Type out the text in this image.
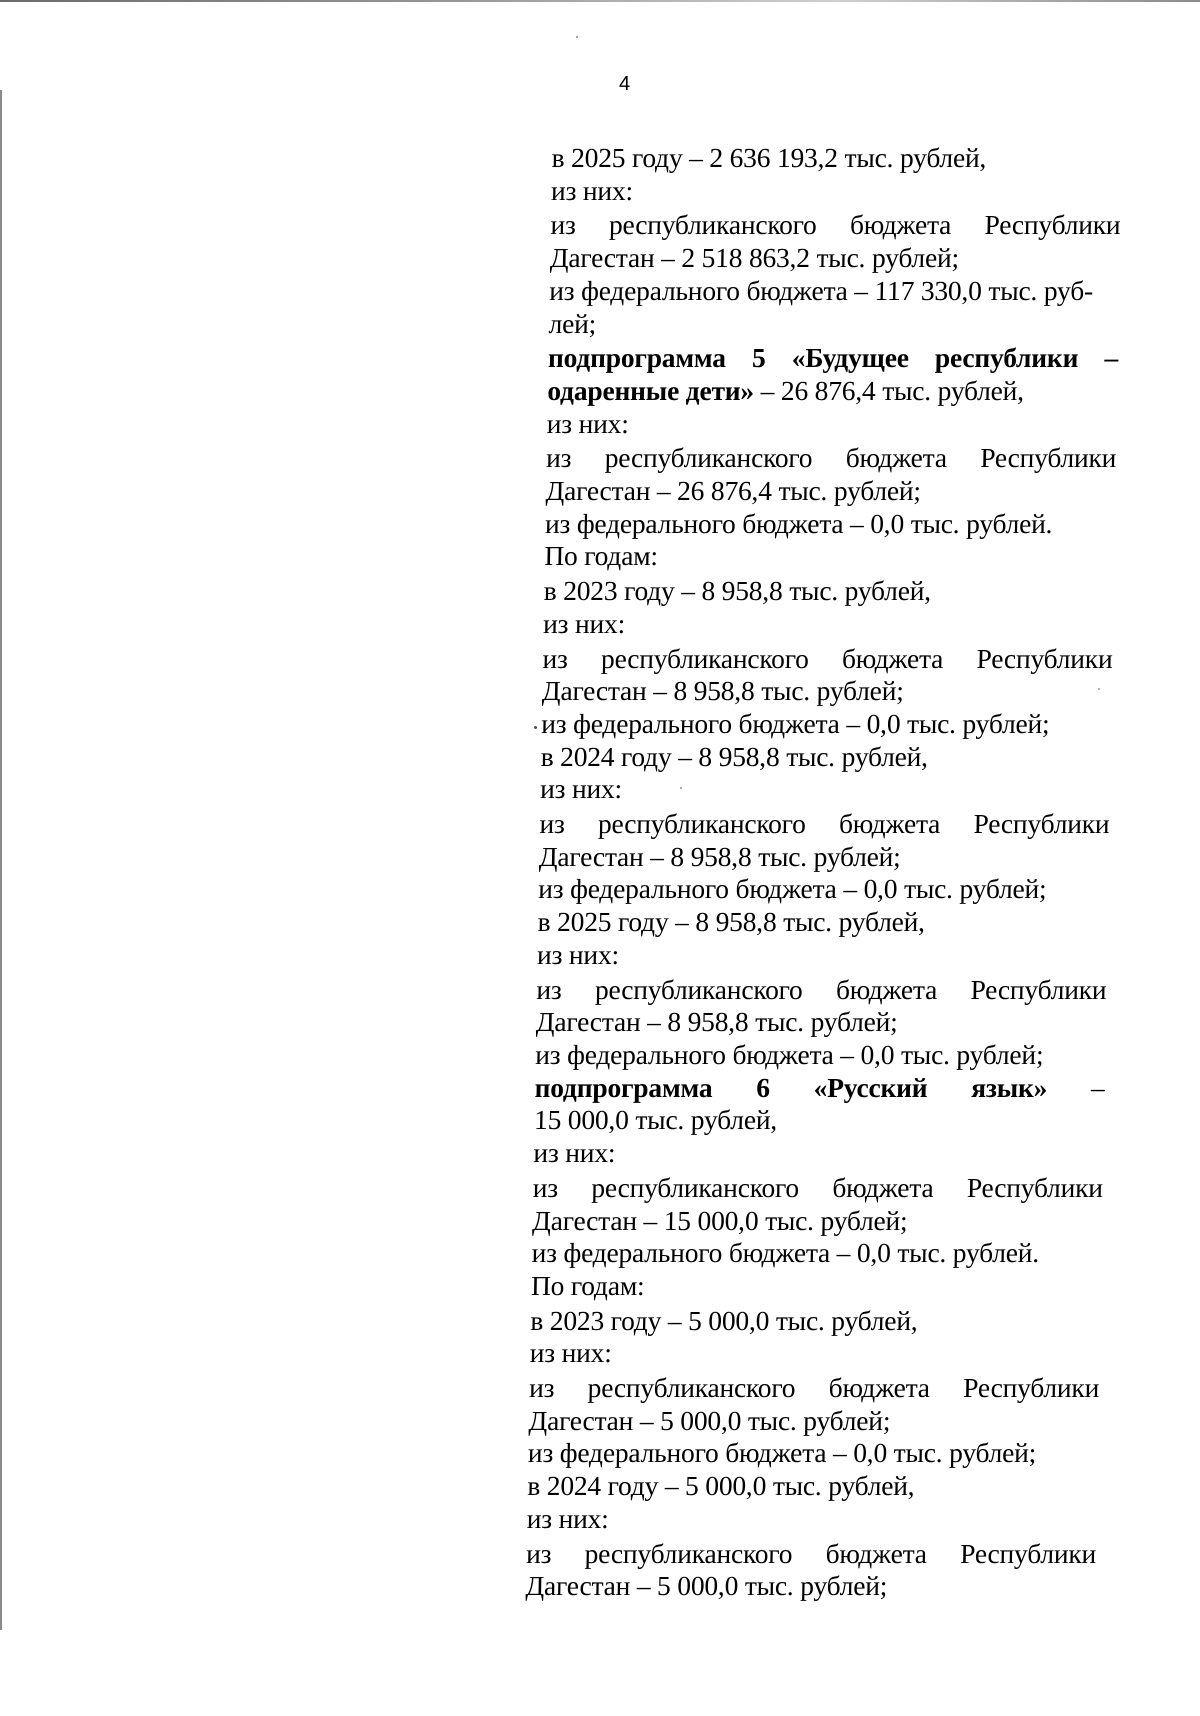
4
в 2025 году – 2 636 193,2 тыс. рублей,
из них:
из республиканского бюджета Республики
Дагестан – 2 518 863,2 тыс. рублей;
из федерального бюджета – 117 330,0 тыс. руб-
лей;
подпрограмма 5 «Будущее республики –
одаренные дети» – 26 876,4 тыс. рублей,
из них:
из республиканского бюджета Республики
Дагестан – 26 876,4 тыс. рублей;
из федерального бюджета – 0,0 тыс. рублей.
По годам:
в 2023 году – 8 958,8 тыс. рублей,
из них:
из республиканского бюджета Республики
Дагестан – 8 958,8 тыс. рублей;
из федерального бюджета – 0,0 тыс. рублей;
в 2024 году – 8 958,8 тыс. рублей,
из них:
из республиканского бюджета Республики
Дагестан – 8 958,8 тыс. рублей;
из федерального бюджета – 0,0 тыс. рублей;
в 2025 году – 8 958,8 тыс. рублей,
из них:
из республиканского бюджета Республики
Дагестан – 8 958,8 тыс. рублей;
из федерального бюджета – 0,0 тыс. рублей;
подпрограмма 6 «Русский язык» –
15 000,0 тыс. рублей,
из них:
из республиканского бюджета Республики
Дагестан – 15 000,0 тыс. рублей;
из федерального бюджета – 0,0 тыс. рублей.
По годам:
в 2023 году – 5 000,0 тыс. рублей,
из них:
из республиканского бюджета Республики
Дагестан – 5 000,0 тыс. рублей;
из федерального бюджета – 0,0 тыс. рублей;
в 2024 году – 5 000,0 тыс. рублей,
из них:
из республиканского бюджета Республики
Дагестан – 5 000,0 тыс. рублей;
